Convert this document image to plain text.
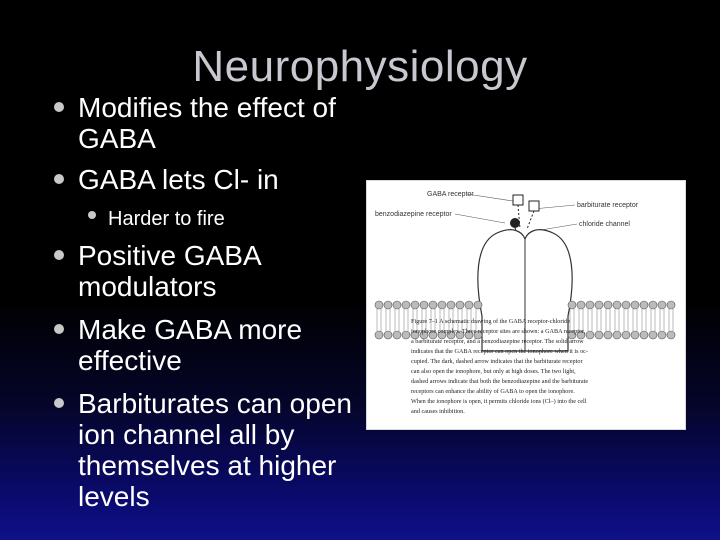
Neurophysiology
Modifies the effect of
GABA
GABA lets Cl- in
Harder to fire
Positive GABA
modulators
Make GABA more
effective
Barbiturates can open
ion channel all by
themselves at higher
levels
GABA receptor
barbiturate receptor
benzodiazepine receptor
chloride channel
Figure 7–1 A schematic drawing of the GABA receptor-chloride
ionophore complex. Three receptor sites are shown: a GABA receptor,
a barbiturate receptor, and a benzodiazepine receptor. The solid arrow
indicates that the GABA receptor can open the ionophore when it is oc-
cupied. The dark, dashed arrow indicates that the barbiturate receptor
can also open the ionophore, but only at high doses. The two light,
dashed arrows indicate that both the benzodiazepine and the barbiturate
receptors can enhance the ability of GABA to open the ionophore.
When the ionophore is open, it permits chloride ions (Cl–) into the cell
and causes inhibition.
